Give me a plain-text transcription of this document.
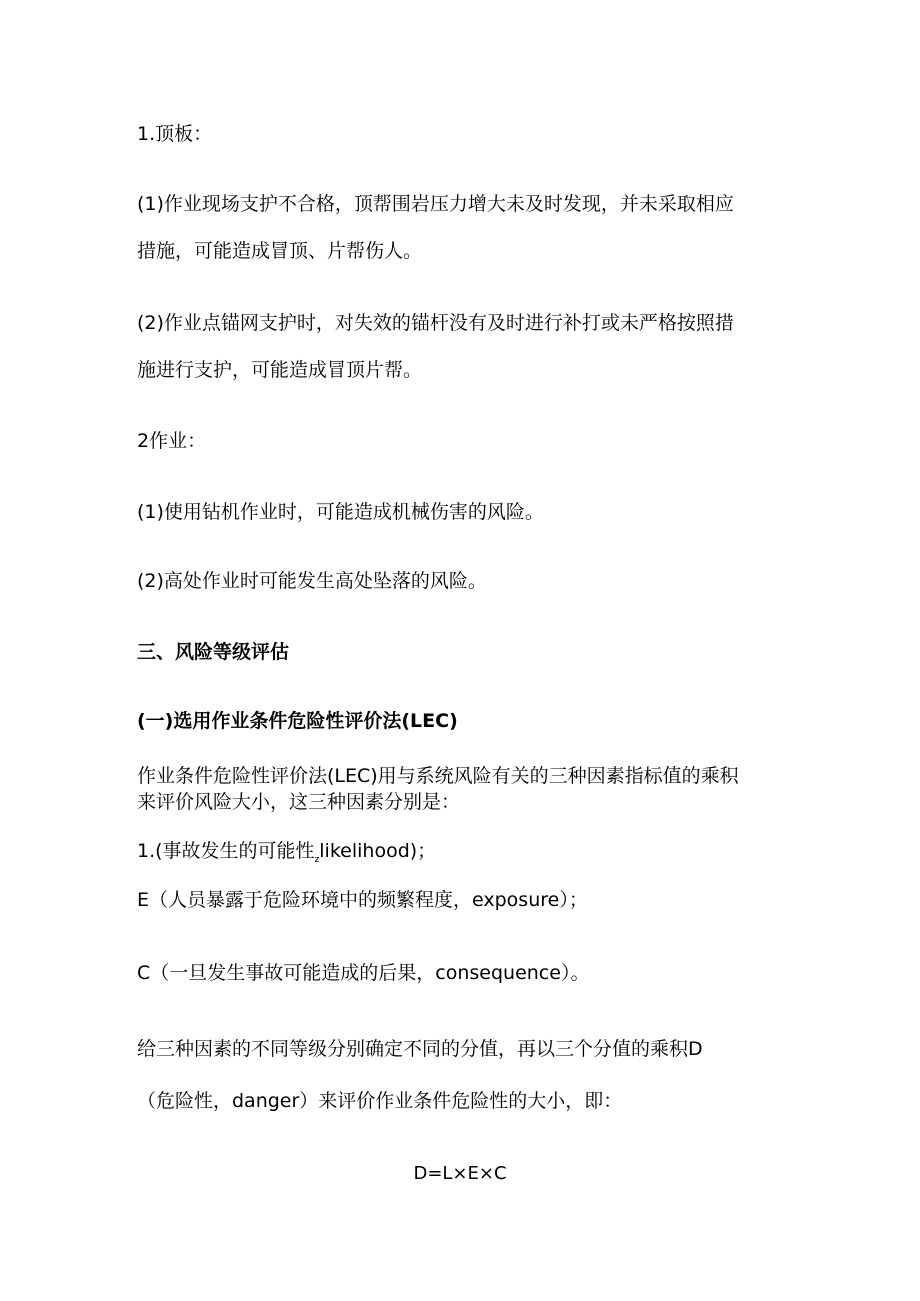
1.顶板：
(1)作业现场支护不合格，顶帮围岩压力增大未及时发现，并未采取相应
措施，可能造成冒顶、片帮伤人。
(2)作业点锚网支护时，对失效的锚杆没有及时进行补打或未严格按照措
施进行支护，可能造成冒顶片帮。
2作业：
(1)使用钻机作业时，可能造成机械伤害的风险。
(2)高处作业时可能发生高处坠落的风险。
三、风险等级评估
(一)选用作业条件危险性评价法(LEC)
作业条件危险性评价法(LEC)用与系统风险有关的三种因素指标值的乘积
来评价风险大小，这三种因素分别是：
1.(事故发生的可能性$_z$likelihood)；
E（人员暴露于危险环境中的频繁程度，exposure）；
C（一旦发生事故可能造成的后果，consequence）。
给三种因素的不同等级分别确定不同的分值，再以三个分值的乘积D
（危险性，danger）来评价作业条件危险性的大小，即：
D=L×E×C
